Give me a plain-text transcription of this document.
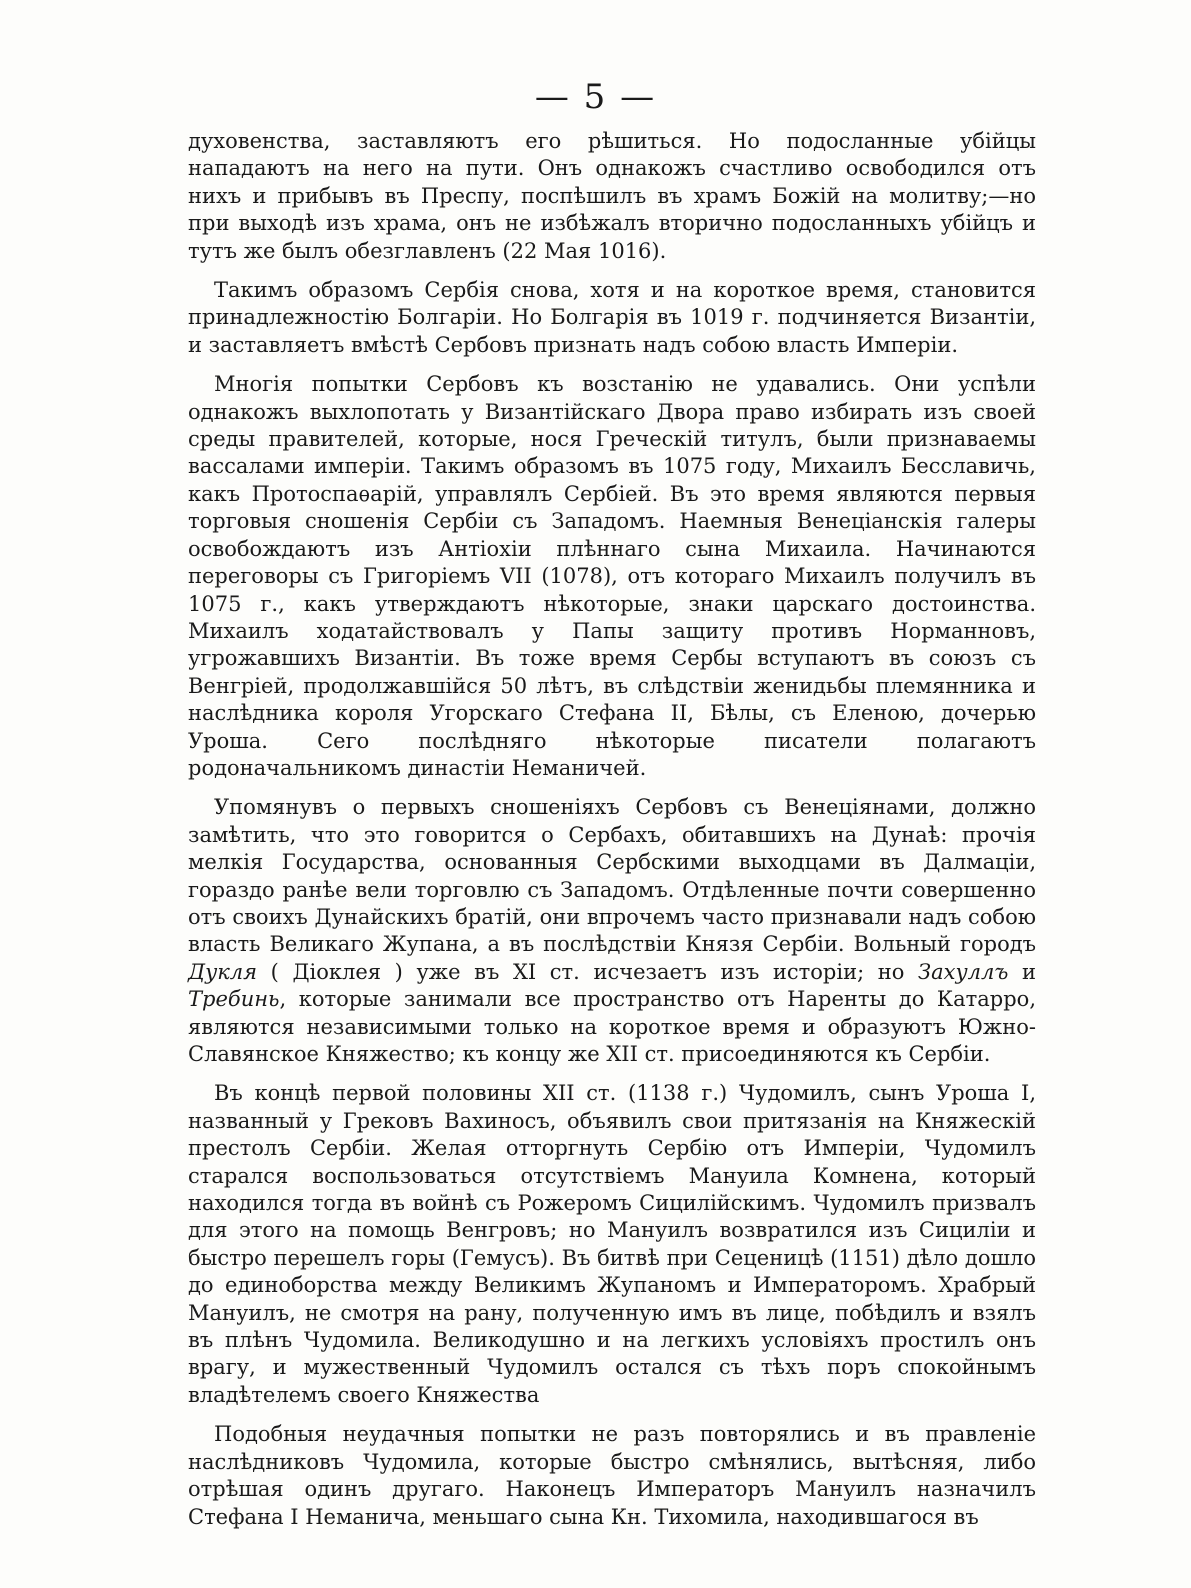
— 5 —

духовенства, заставляютъ его рѣшиться. Но подосланные убійцы нападаютъ на него на пути. Онъ однакожъ счастливо освободился отъ нихъ и прибывъ въ Преспу, поспѣшилъ въ храмъ Божій на молитву;—но при выходѣ изъ храма, онъ не избѣжалъ вторично подосланныхъ убійцъ и тутъ же былъ обезглавленъ (22 Мая 1016).

Такимъ образомъ Сербія снова, хотя и на короткое время, становится принадлежностію Болгаріи. Но Болгарія въ 1019 г. подчиняется Византіи, и заставляетъ вмѣстѣ Сербовъ признать надъ собою власть Имперіи.

Многія попытки Сербовъ къ возстанію не удавались. Они успѣли однакожъ выхлопотать у Византійскаго Двора право избирать изъ своей среды правителей, которые, нося Греческій титулъ, были признаваемы вассалами имперіи. Такимъ образомъ въ 1075 году, Михаилъ Бесславичь, какъ Протоспаѳарій, управлялъ Сербіей. Въ это время являются первыя торговыя сношенія Сербіи съ Западомъ. Наемныя Венеціанскія галеры освобождаютъ изъ Антіохіи плѣннаго сына Михаила. Начинаются переговоры съ Григоріемъ VII (1078), отъ котораго Михаилъ получилъ въ 1075 г., какъ утверждаютъ нѣкоторые, знаки царскаго достоинства. Михаилъ ходатайствовалъ у Папы защиту противъ Норманновъ, угрожавшихъ Византіи. Въ тоже время Сербы вступаютъ въ союзъ съ Венгріей, продолжавшійся 50 лѣтъ, въ слѣдствіи женидьбы племянника и наслѣдника короля Угорскаго Стефана II, Бѣлы, съ Еленою, дочерью Уроша. Сего послѣдняго нѣкоторые писатели полагаютъ родоначальникомъ династіи Неманичей.

Упомянувъ о первыхъ сношеніяхъ Сербовъ съ Венеціянами, должно замѣтить, что это говорится о Сербахъ, обитавшихъ на Дунаѣ: прочія мелкія Государства, основанныя Сербскими выходцами въ Далмаціи, гораздо ранѣе вели торговлю съ Западомъ. Отдѣленные почти совершенно отъ своихъ Дунайскихъ братій, они впрочемъ часто признавали надъ собою власть Великаго Жупана, а въ послѣдствіи Князя Сербіи. Вольный городъ Дукля ( Діоклея ) уже въ XI ст. исчезаетъ изъ исторіи; но Захуллъ и Требинь, которые занимали все пространство отъ Наренты до Катарро, являются независимыми только на короткое время и образуютъ Южно-Славянское Княжество; къ концу же XII ст. присоединяются къ Сербіи.

Въ концѣ первой половины XII ст. (1138 г.) Чудомилъ, сынъ Уроша I, названный у Грековъ Вахиносъ, объявилъ свои притязанія на Княжескій престолъ Сербіи. Желая отторгнуть Сербію отъ Имперіи, Чудомилъ старался воспользоваться отсутствіемъ Мануила Комнена, который находился тогда въ войнѣ съ Рожеромъ Сицилійскимъ. Чудомилъ призвалъ для этого на помощь Венгровъ; но Мануилъ возвратился изъ Сициліи и быстро перешелъ горы (Гемусъ). Въ битвѣ при Сеценицѣ (1151) дѣло дошло до единоборства между Великимъ Жупаномъ и Императоромъ. Храбрый Мануилъ, не смотря на рану, полученную имъ въ лице, побѣдилъ и взялъ въ плѣнъ Чудомила. Великодушно и на легкихъ условіяхъ простилъ онъ врагу, и мужественный Чудомилъ остался съ тѣхъ поръ спокойнымъ владѣтелемъ своего Княжества

Подобныя неудачныя попытки не разъ повторялись и въ правленіе наслѣдниковъ Чудомила, которые быстро смѣнялись, вытѣсняя, либо отрѣшая одинъ другаго. Наконецъ Императоръ Мануилъ назначилъ Стефана I Неманича, меньшаго сына Кн. Тихомила, находившагося въ
